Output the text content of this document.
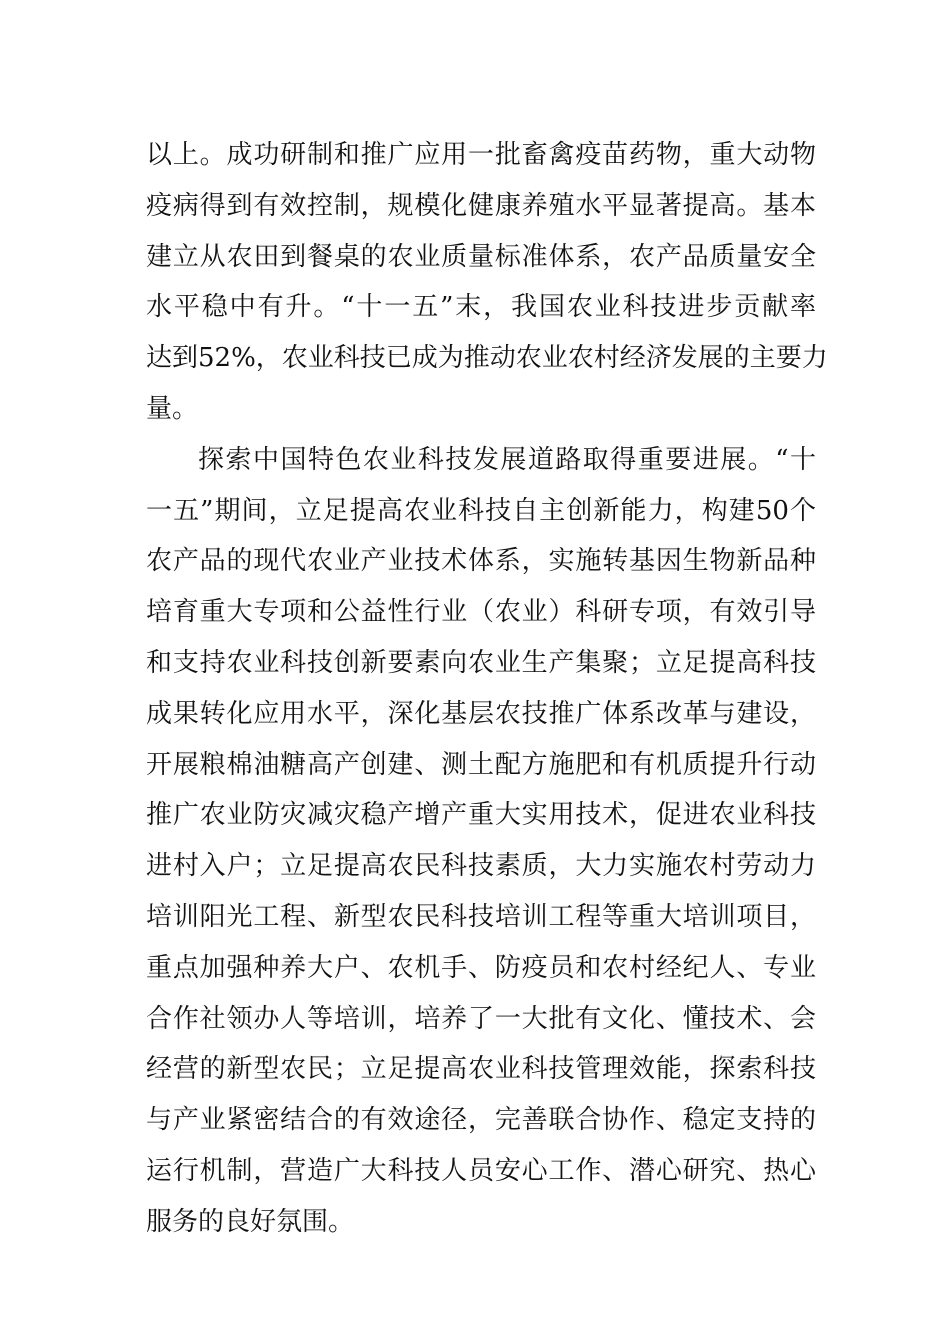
以上。成功研制和推广应用一批畜禽疫苗药物，重大动物
疫病得到有效控制，规模化健康养殖水平显著提高。基本
建立从农田到餐桌的农业质量标准体系，农产品质量安全
水平稳中有升。“十一五”末，我国农业科技进步贡献率
达到52%，农业科技已成为推动农业农村经济发展的主要力
量。
探索中国特色农业科技发展道路取得重要进展。“十
一五”期间，立足提高农业科技自主创新能力，构建50个
农产品的现代农业产业技术体系，实施转基因生物新品种
培育重大专项和公益性行业（农业）科研专项，有效引导
和支持农业科技创新要素向农业生产集聚；立足提高科技
成果转化应用水平，深化基层农技推广体系改革与建设，
开展粮棉油糖高产创建、测土配方施肥和有机质提升行动
推广农业防灾减灾稳产增产重大实用技术，促进农业科技
进村入户；立足提高农民科技素质，大力实施农村劳动力
培训阳光工程、新型农民科技培训工程等重大培训项目，
重点加强种养大户、农机手、防疫员和农村经纪人、专业
合作社领办人等培训，培养了一大批有文化、懂技术、会
经营的新型农民；立足提高农业科技管理效能，探索科技
与产业紧密结合的有效途径，完善联合协作、稳定支持的
运行机制，营造广大科技人员安心工作、潜心研究、热心
服务的良好氛围。
